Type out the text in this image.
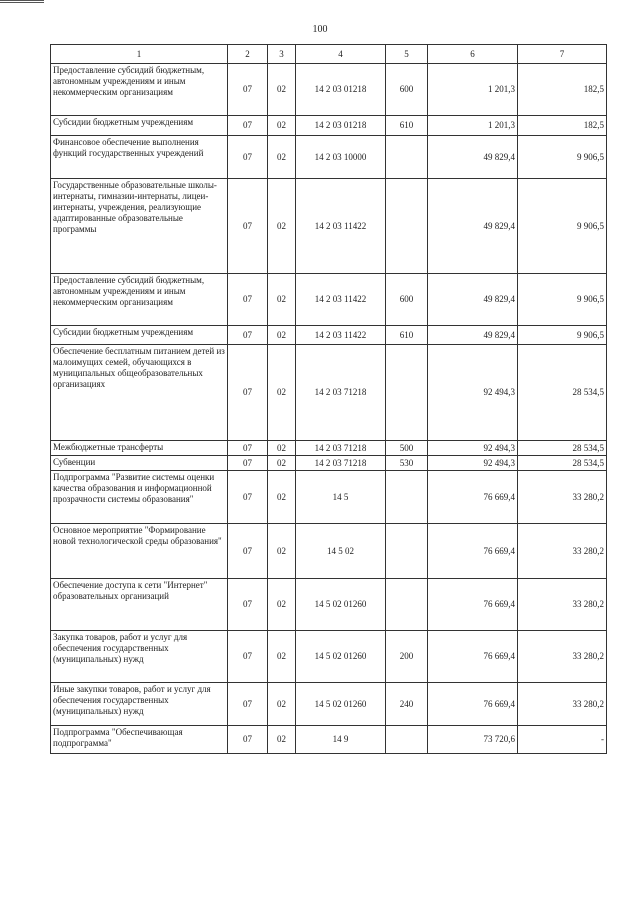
100
1	2	3	4	5	6	7
Предоставление субсидий бюджетным, автономным учреждениям и иным некоммерческим организациям	07	02	14 2 03 01218	600	1 201,3	182,5
Субсидии бюджетным учреждениям	07	02	14 2 03 01218	610	1 201,3	182,5
Финансовое обеспечение выполнения функций государственных учреждений	07	02	14 2 03 10000		49 829,4	9 906,5
Государственные образовательные школы-интернаты, гимназии-интернаты, лицеи-интернаты, учреждения, реализующие адаптированные образовательные программы	07	02	14 2 03 11422		49 829,4	9 906,5
Предоставление субсидий бюджетным, автономным учреждениям и иным некоммерческим организациям	07	02	14 2 03 11422	600	49 829,4	9 906,5
Субсидии бюджетным учреждениям	07	02	14 2 03 11422	610	49 829,4	9 906,5
Обеспечение бесплатным питанием детей из малоимущих семей, обучающихся в муниципальных общеобразовательных организациях	07	02	14 2 03 71218		92 494,3	28 534,5
Межбюджетные трансферты	07	02	14 2 03 71218	500	92 494,3	28 534,5
Субвенции	07	02	14 2 03 71218	530	92 494,3	28 534,5
Подпрограмма "Развитие системы оценки качества образования и информационной прозрачности системы образования"	07	02	14 5		76 669,4	33 280,2
Основное мероприятие "Формирование новой технологической среды образования"	07	02	14 5 02		76 669,4	33 280,2
Обеспечение доступа к сети "Интернет" образовательных организаций	07	02	14 5 02 01260		76 669,4	33 280,2
Закупка товаров, работ и услуг для обеспечения государственных (муниципальных) нужд	07	02	14 5 02 01260	200	76 669,4	33 280,2
Иные закупки товаров, работ и услуг для обеспечения государственных (муниципальных) нужд	07	02	14 5 02 01260	240	76 669,4	33 280,2
Подпрограмма "Обеспечивающая подпрограмма"	07	02	14 9		73 720,6	-
